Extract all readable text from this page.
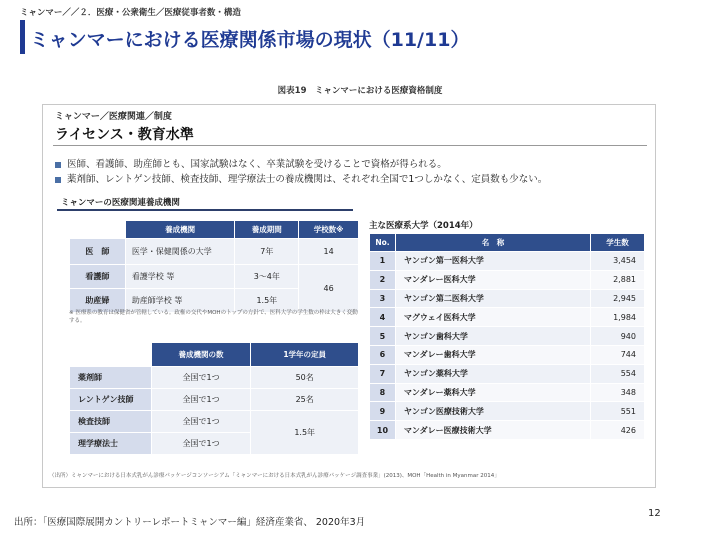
ミャンマー／／２．医療・公衆衛生／医療従事者数・構造
ミャンマーにおける医療関係市場の現状（11/11）
図表19　ミャンマーにおける医療資格制度
ミャンマー／医療関連／制度
ライセンス・教育水準
医師、看護師、助産師とも、国家試験はなく、卒業試験を受けることで資格が得られる。
薬剤師、レントゲン技師、検査技師、理学療法士の養成機関は、それぞれ全国で1つしかなく、定員数も少ない。
ミャンマーの医療関連養成機関
	養成機関	養成期間	学校数※
医　師	医学・保健関係の大学	7年	14
看護師	看護学校 等	3〜4年	46
助産婦	助産師学校 等	1.5年	
※ 医療系の教育は保健省が管轄している。政権の交代やMOHのトップの方針で、医科大学の学生数の枠は大きく変動する。
	養成機関の数	1学年の定員
薬剤師	全国で1つ	50名
レントゲン技師	全国で1つ	25名
検査技師	全国で1つ	1.5年
理学療法士	全国で1つ	
主な医療系大学（2014年）
No.	名　称	学生数
1	ヤンゴン第一医科大学	3,454
2	マンダレー医科大学	2,881
3	ヤンゴン第二医科大学	2,945
4	マグウェイ医科大学	1,984
5	ヤンゴン歯科大学	940
6	マンダレー歯科大学	744
7	ヤンゴン薬科大学	554
8	マンダレー薬科大学	348
9	ヤンゴン医療技術大学	551
10	マンダレー医療技術大学	426
（出所）ミャンマーにおける日本式乳がん診療パッケージコンソーシアム「ミャンマーにおける日本式乳がん診療パッケージ調査事業」(2013)、MOH「Health in Myanmar 2014」
出所：「医療国際展開カントリーレポートミャンマー編」経済産業省、 2020年3月
12
